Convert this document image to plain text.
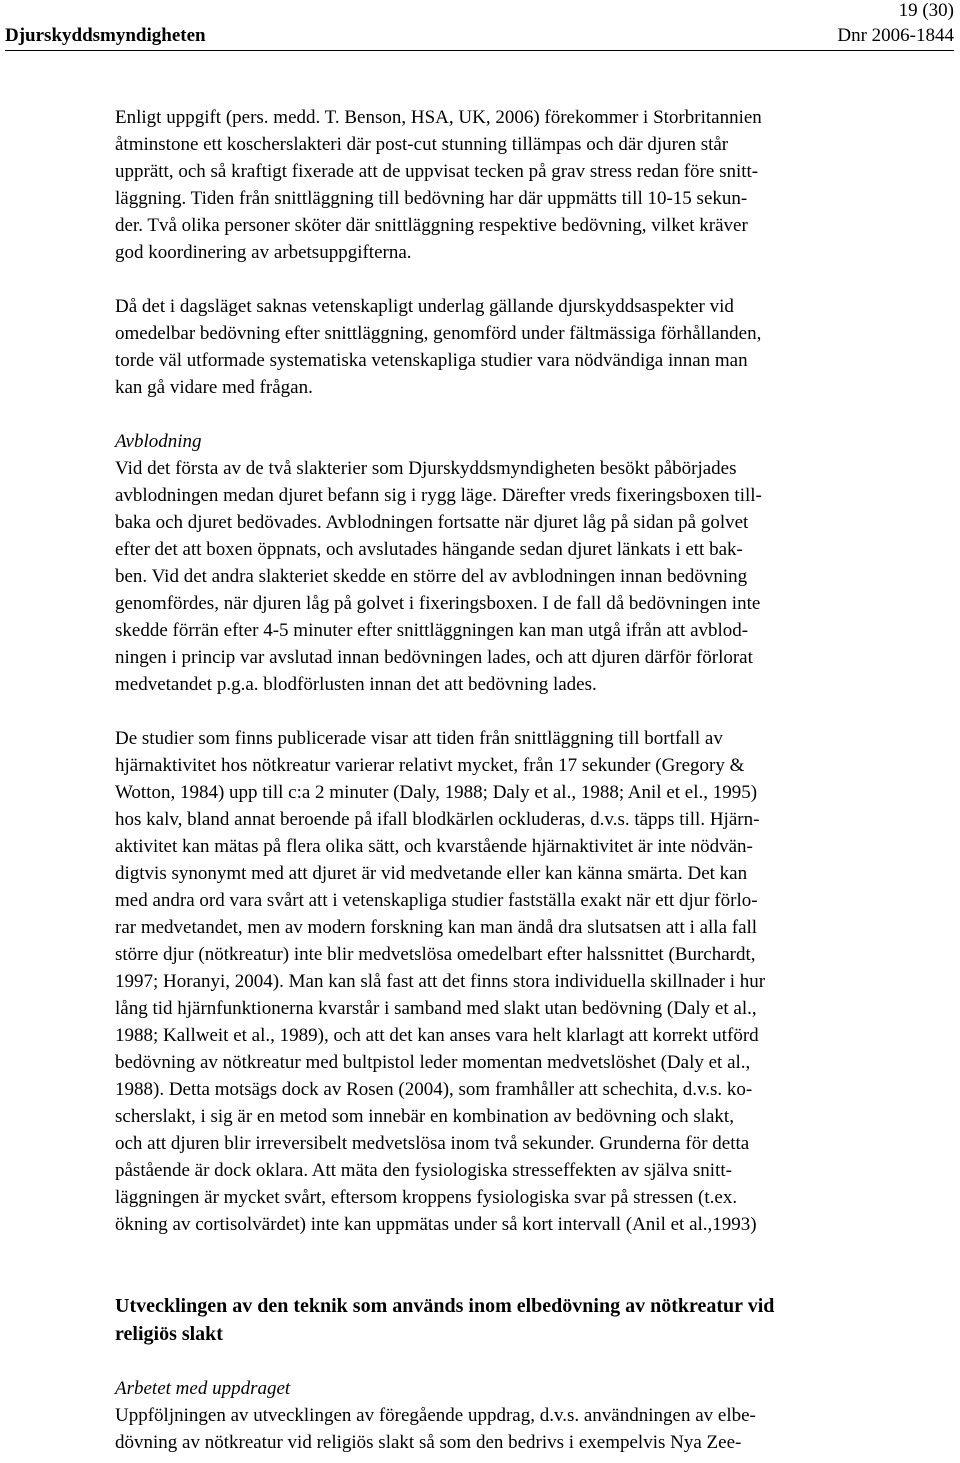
19 (30)
Djurskyddsmyndigheten	Dnr 2006-1844

Enligt uppgift (pers. medd. T. Benson, HSA, UK, 2006) förekommer i Storbritannien
åtminstone ett koscherslakteri där post-cut stunning tillämpas och där djuren står
upprätt, och så kraftigt fixerade att de uppvisat tecken på grav stress redan före snitt-
läggning. Tiden från snittläggning till bedövning har där uppmätts till 10-15 sekun-
der. Två olika personer sköter där snittläggning respektive bedövning, vilket kräver
god koordinering av arbetsuppgifterna.

Då det i dagsläget saknas vetenskapligt underlag gällande djurskyddsaspekter vid
omedelbar bedövning efter snittläggning, genomförd under fältmässiga förhållanden,
torde väl utformade systematiska vetenskapliga studier vara nödvändiga innan man
kan gå vidare med frågan.

Avblodning
Vid det första av de två slakterier som Djurskyddsmyndigheten besökt påbörjades
avblodningen medan djuret befann sig i rygg läge. Därefter vreds fixeringsboxen till-
baka och djuret bedövades. Avblodningen fortsatte när djuret låg på sidan på golvet
efter det att boxen öppnats, och avslutades hängande sedan djuret länkats i ett bak-
ben. Vid det andra slakteriet skedde en större del av avblodningen innan bedövning
genomfördes, när djuren låg på golvet i fixeringsboxen. I de fall då bedövningen inte
skedde förrän efter 4-5 minuter efter snittläggningen kan man utgå ifrån att avblod-
ningen i princip var avslutad innan bedövningen lades, och att djuren därför förlorat
medvetandet p.g.a. blodförlusten innan det att bedövning lades.

De studier som finns publicerade visar att tiden från snittläggning till bortfall av
hjärnaktivitet hos nötkreatur varierar relativt mycket, från 17 sekunder (Gregory &
Wotton, 1984) upp till c:a 2 minuter (Daly, 1988; Daly et al., 1988; Anil et el., 1995)
hos kalv, bland annat beroende på ifall blodkärlen ockluderas, d.v.s. täpps till. Hjärn-
aktivitet kan mätas på flera olika sätt, och kvarstående hjärnaktivitet är inte nödvän-
digtvis synonymt med att djuret är vid medvetande eller kan känna smärta. Det kan
med andra ord vara svårt att i vetenskapliga studier fastställa exakt när ett djur förlo-
rar medvetandet, men av modern forskning kan man ändå dra slutsatsen att i alla fall
större djur (nötkreatur) inte blir medvetslösa omedelbart efter halssnittet (Burchardt,
1997; Horanyi, 2004). Man kan slå fast att det finns stora individuella skillnader i hur
lång tid hjärnfunktionerna kvarstår i samband med slakt utan bedövning (Daly et al.,
1988; Kallweit et al., 1989), och att det kan anses vara helt klarlagt att korrekt utförd
bedövning av nötkreatur med bultpistol leder momentan medvetslöshet (Daly et al.,
1988). Detta motsägs dock av Rosen (2004), som framhåller att schechita, d.v.s. ko-
scherslakt, i sig är en metod som innebär en kombination av bedövning och slakt,
och att djuren blir irreversibelt medvetslösa inom två sekunder. Grunderna för detta
påstående är dock oklara. Att mäta den fysiologiska stresseffekten av själva snitt-
läggningen är mycket svårt, eftersom kroppens fysiologiska svar på stressen (t.ex.
ökning av cortisolvärdet) inte kan uppmätas under så kort intervall (Anil et al.,1993)

Utvecklingen av den teknik som används inom elbedövning av nötkreatur vid
religiös slakt

Arbetet med uppdraget
Uppföljningen av utvecklingen av föregående uppdrag, d.v.s. användningen av elbe-
dövning av nötkreatur vid religiös slakt så som den bedrivs i exempelvis Nya Zee-
